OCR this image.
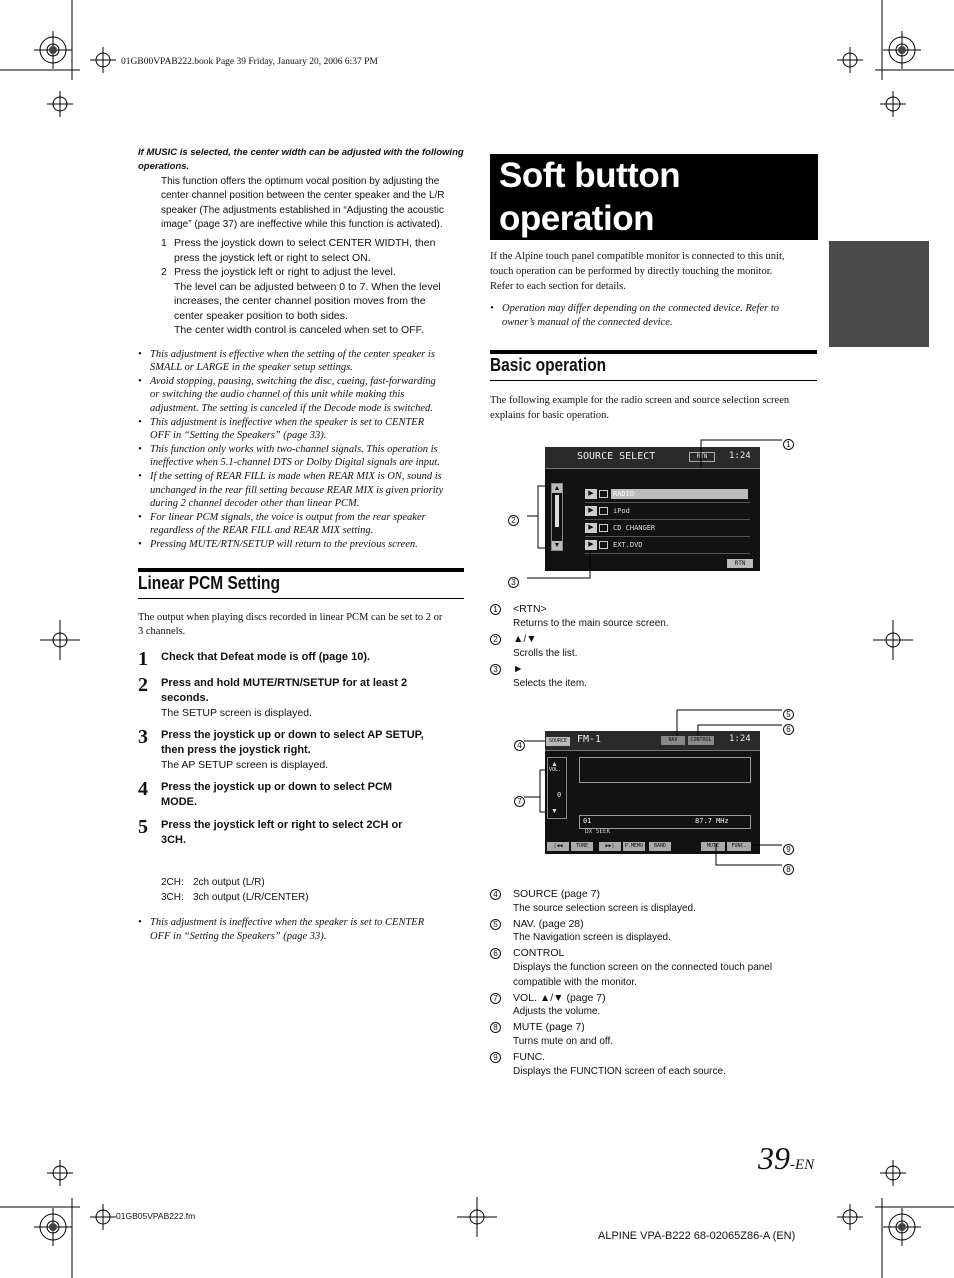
01GB00VPAB222.book Page 39 Friday, January 20, 2006 6:37 PM
If MUSIC is selected, the center width can be adjusted with the following operations.
This function offers the optimum vocal position by adjusting the
center channel position between the center speaker and the L/R
speaker (The adjustments established in “Adjusting the acoustic
image” (page 37) are ineffective while this function is activated).
1 Press the joystick down to select CENTER WIDTH, then
press the joystick left or right to select ON.
2 Press the joystick left or right to adjust the level.
The level can be adjusted between 0 to 7. When the level
increases, the center channel position moves from the
center speaker position to both sides.
The center width control is canceled when set to OFF.
• This adjustment is effective when the setting of the center speaker is
SMALL or LARGE in the speaker setup settings.
• Avoid stopping, pausing, switching the disc, cueing, fast-forwarding
or switching the audio channel of this unit while making this
adjustment. The setting is canceled if the Decode mode is switched.
• This adjustment is ineffective when the speaker is set to CENTER
OFF in “Setting the Speakers” (page 33).
• This function only works with two-channel signals. This operation is
ineffective when 5.1-channel DTS or Dolby Digital signals are input.
• If the setting of REAR FILL is made when REAR MIX is ON, sound is
unchanged in the rear fill setting because REAR MIX is given priority
during 2 channel decoder other than linear PCM.
• For linear PCM signals, the voice is output from the rear speaker
regardless of the REAR FILL and REAR MIX setting.
• Pressing MUTE/RTN/SETUP will return to the previous screen.
Linear PCM Setting
The output when playing discs recorded in linear PCM can be set to 2 or
3 channels.
1	Check that Defeat mode is off (page 10).
2	Press and hold MUTE/RTN/SETUP for at least 2
seconds.
The SETUP screen is displayed.
3	Press the joystick up or down to select AP SETUP,
then press the joystick right.
The AP SETUP screen is displayed.
4	Press the joystick up or down to select PCM
MODE.
5	Press the joystick left or right to select 2CH or
3CH.
2CH: 2ch output (L/R)
3CH: 3ch output (L/R/CENTER)
• This adjustment is ineffective when the speaker is set to CENTER
OFF in “Setting the Speakers” (page 33).
Soft button
operation
If the Alpine touch panel compatible monitor is connected to this unit,
touch operation can be performed by directly touching the monitor.
Refer to each section for details.
• Operation may differ depending on the connected device. Refer to
owner’s manual of the connected device.
Basic operation
The following example for the radio screen and source selection screen
explains for basic operation.
SOURCE SELECT	RTN	1:24
▲
▼
▶	RADIO
▶	iPod
▶	CD CHANGER
▶	EXT.DVD
RTN
1
2
3
1	<RTN>
Returns to the main source screen.
2	▲/▼
Scrolls the list.
3	►
Selects the item.
SOURCE FM-1	NAV	CONTROL 1:24
VOL.
▲
0
▼
01	87.7 MHz
DX SEEK
|◀◀	TUNE	▶▶|	P.MEMO	BAND	MUTE	FUNC.
4
5
6
7
8
9
4	SOURCE (page 7)
The source selection screen is displayed.
5	NAV. (page 28)
The Navigation screen is displayed.
6	CONTROL
Displays the function screen on the connected touch panel
compatible with the monitor.
7	VOL. ▲/▼ (page 7)
Adjusts the volume.
8	MUTE (page 7)
Turns mute on and off.
9	FUNC.
Displays the FUNCTION screen of each source.
39-EN
01GB05VPAB222.fm
ALPINE VPA-B222 68-02065Z86-A (EN)
